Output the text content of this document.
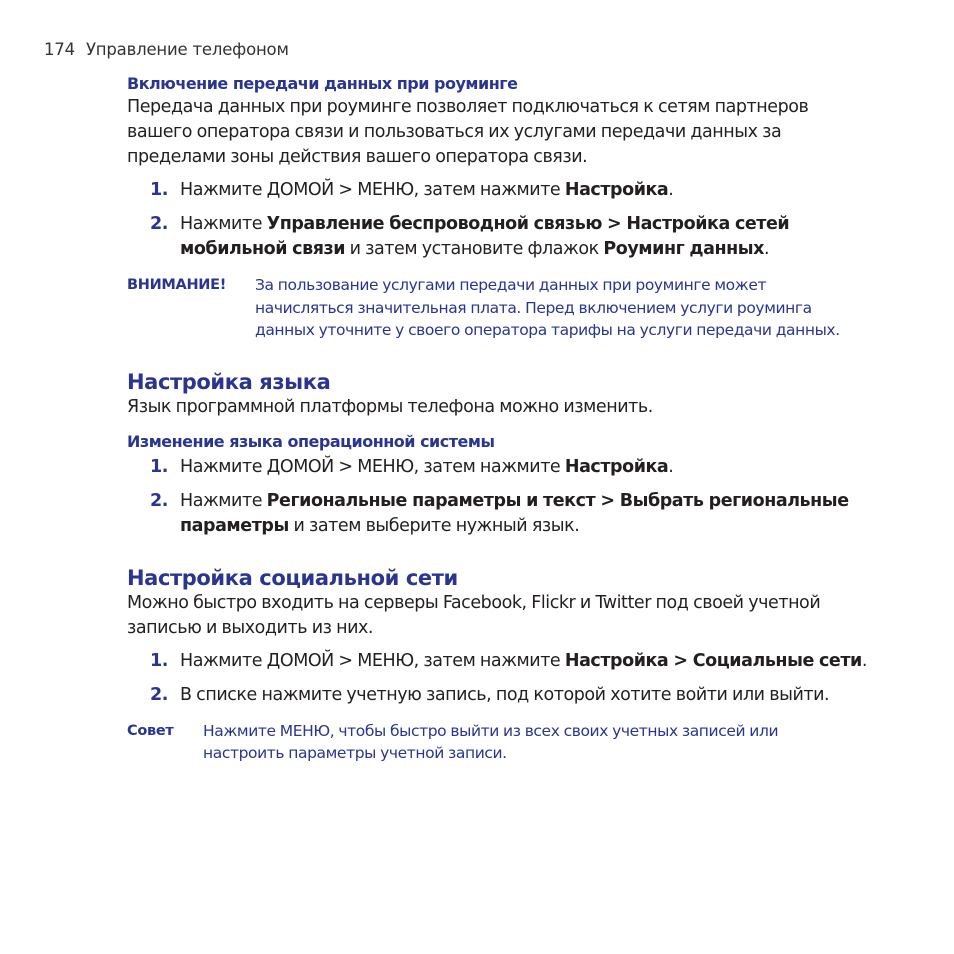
174 Управление телефоном
Включение передачи данных при роуминге

Передача данных при роуминге позволяет подключаться к сетям партнеров вашего оператора связи и пользоваться их услугами передачи данных за пределами зоны действия вашего оператора связи.

1. Нажмите ДОМОЙ > МЕНЮ, затем нажмите Настройка.
2. Нажмите Управление беспроводной связью > Настройка сетей мобильной связи и затем установите флажок Роуминг данных.
ВНИМАНИЕ! За пользование услугами передачи данных при роуминге может начисляться значительная плата. Перед включением услуги роуминга данных уточните у своего оператора тарифы на услуги передачи данных.
Настройка языка

Язык программной платформы телефона можно изменить.

Изменение языка операционной системы
1. Нажмите ДОМОЙ > МЕНЮ, затем нажмите Настройка.
2. Нажмите Региональные параметры и текст > Выбрать региональные параметры и затем выберите нужный язык.
Настройка социальной сети

Можно быстро входить на серверы Facebook, Flickr и Twitter под своей учетной записью и выходить из них.

1. Нажмите ДОМОЙ > МЕНЮ, затем нажмите Настройка > Социальные сети.
2. В списке нажмите учетную запись, под которой хотите войти или выйти.
Совет Нажмите МЕНЮ, чтобы быстро выйти из всех своих учетных записей или настроить параметры учетной записи.
